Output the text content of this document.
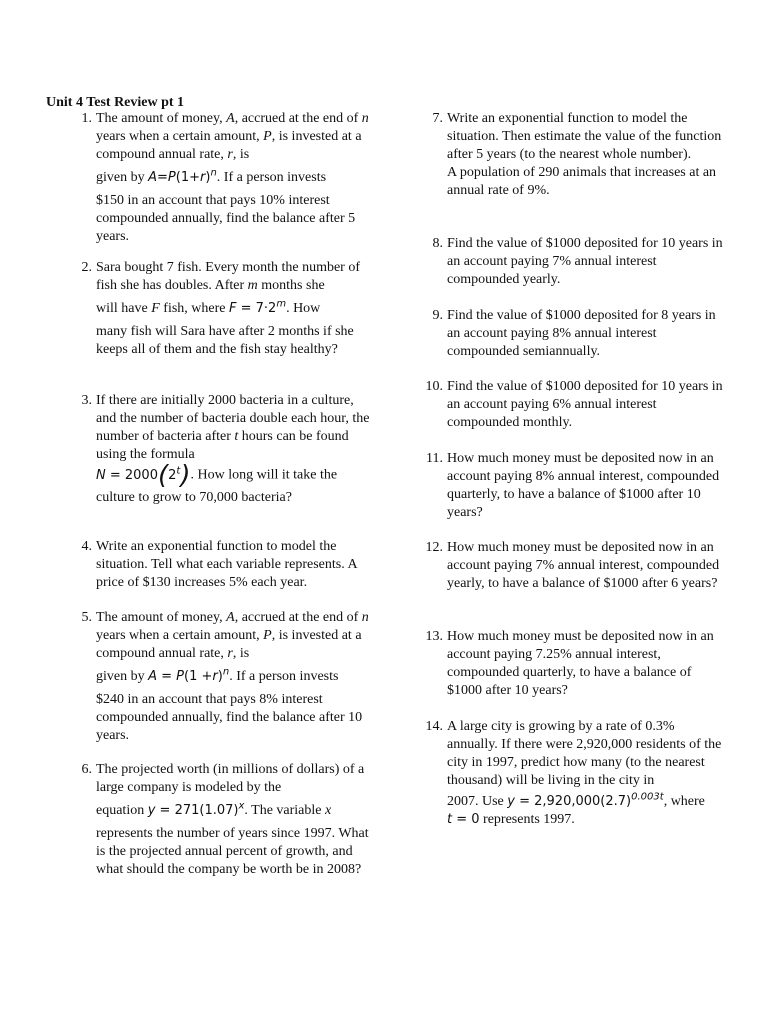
Unit 4 Test Review pt 1
1. The amount of money, A, accrued at the end of n years when a certain amount, P, is invested at a compound annual rate, r, is

given by $A=P(1+r)^n$. If a person invests

$150 in an account that pays 10% interest compounded annually, find the balance after 5 years.

2. Sara bought 7 fish. Every month the number of fish she has doubles. After m months she

will have F fish, where $F = 7\cdot 2^m$. How

many fish will Sara have after 2 months if she keeps all of them and the fish stay healthy?

3. If there are initially 2000 bacteria in a culture, and the number of bacteria double each hour, the number of bacteria after t hours can be found using the formula

$N = 2000(2^t)$. How long will it take the

culture to grow to 70,000 bacteria?

4. Write an exponential function to model the situation. Tell what each variable represents. A price of $130 increases 5% each year.

5. The amount of money, A, accrued at the end of n years when a certain amount, P, is invested at a compound annual rate, r, is

given by $A = P(1 +r)^n$. If a person invests

$240 in an account that pays 8% interest compounded annually, find the balance after 10 years.

6. The projected worth (in millions of dollars) of a large company is modeled by the

equation $y = 271(1.07)^x$. The variable x

represents the number of years since 1997. What is the projected annual percent of growth, and what should the company be worth be in 2008?

7. Write an exponential function to model the situation. Then estimate the value of the function after 5 years (to the nearest whole number).

A population of 290 animals that increases at an annual rate of 9%.

8. Find the value of $1000 deposited for 10 years in an account paying 7% annual interest compounded yearly.

9. Find the value of $1000 deposited for 8 years in an account paying 8% annual interest compounded semiannually.

10. Find the value of $1000 deposited for 10 years in an account paying 6% annual interest compounded monthly.

11. How much money must be deposited now in an account paying 8% annual interest, compounded quarterly, to have a balance of $1000 after 10 years?

12. How much money must be deposited now in an account paying 7% annual interest, compounded yearly, to have a balance of $1000 after 6 years?

13. How much money must be deposited now in an account paying 7.25% annual interest, compounded quarterly, to have a balance of $1000 after 10 years?

14. A large city is growing by a rate of 0.3% annually. If there were 2,920,000 residents of the city in 1997, predict how many (to the nearest thousand) will be living in the city in

2007. Use $y = 2,920,000(2.7)^{0.003t}$, where

t = 0 represents 1997.
